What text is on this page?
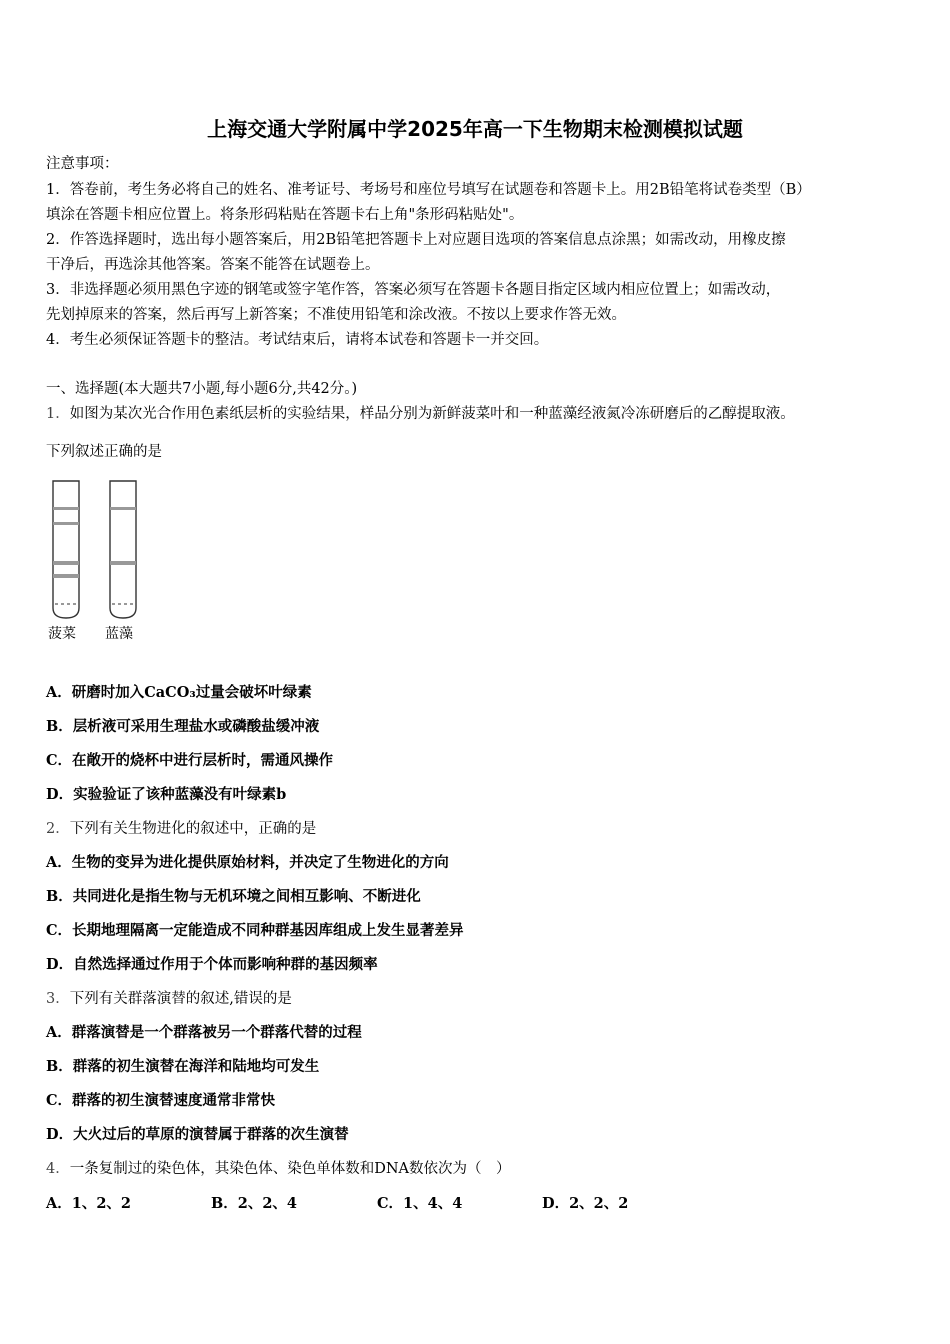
上海交通大学附属中学2025年高一下生物期末检测模拟试题
注意事项：
1．答卷前，考生务必将自己的姓名、准考证号、考场号和座位号填写在试题卷和答题卡上。用2B铅笔将试卷类型（B）
填涂在答题卡相应位置上。将条形码粘贴在答题卡右上角"条形码粘贴处"。
2．作答选择题时，选出每小题答案后，用2B铅笔把答题卡上对应题目选项的答案信息点涂黑；如需改动，用橡皮擦
干净后，再选涂其他答案。答案不能答在试题卷上。
3．非选择题必须用黑色字迹的钢笔或签字笔作答，答案必须写在答题卡各题目指定区域内相应位置上；如需改动，
先划掉原来的答案，然后再写上新答案；不准使用铅笔和涂改液。不按以上要求作答无效。
4．考生必须保证答题卡的整洁。考试结束后，请将本试卷和答题卡一并交回。
一、选择题(本大题共7小题,每小题6分,共42分。)
1．如图为某次光合作用色素纸层析的实验结果，样品分别为新鲜菠菜叶和一种蓝藻经液氮冷冻研磨后的乙醇提取液。
下列叙述正确的是
菠菜 蓝藻
A．研磨时加入CaCO₃过量会破坏叶绿素
B．层析液可采用生理盐水或磷酸盐缓冲液
C．在敞开的烧杯中进行层析时，需通风操作
D．实验验证了该种蓝藻没有叶绿素b
2．下列有关生物进化的叙述中，正确的是
A．生物的变异为进化提供原始材料，并决定了生物进化的方向
B．共同进化是指生物与无机环境之间相互影响、不断进化
C．长期地理隔离一定能造成不同种群基因库组成上发生显著差异
D．自然选择通过作用于个体而影响种群的基因频率
3．下列有关群落演替的叙述,错误的是
A．群落演替是一个群落被另一个群落代替的过程
B．群落的初生演替在海洋和陆地均可发生
C．群落的初生演替速度通常非常快
D．大火过后的草原的演替属于群落的次生演替
4．一条复制过的染色体，其染色体、染色单体数和DNA数依次为（　）
A．1、2、2	B．2、2、4	C．1、4、4	D．2、2、2
